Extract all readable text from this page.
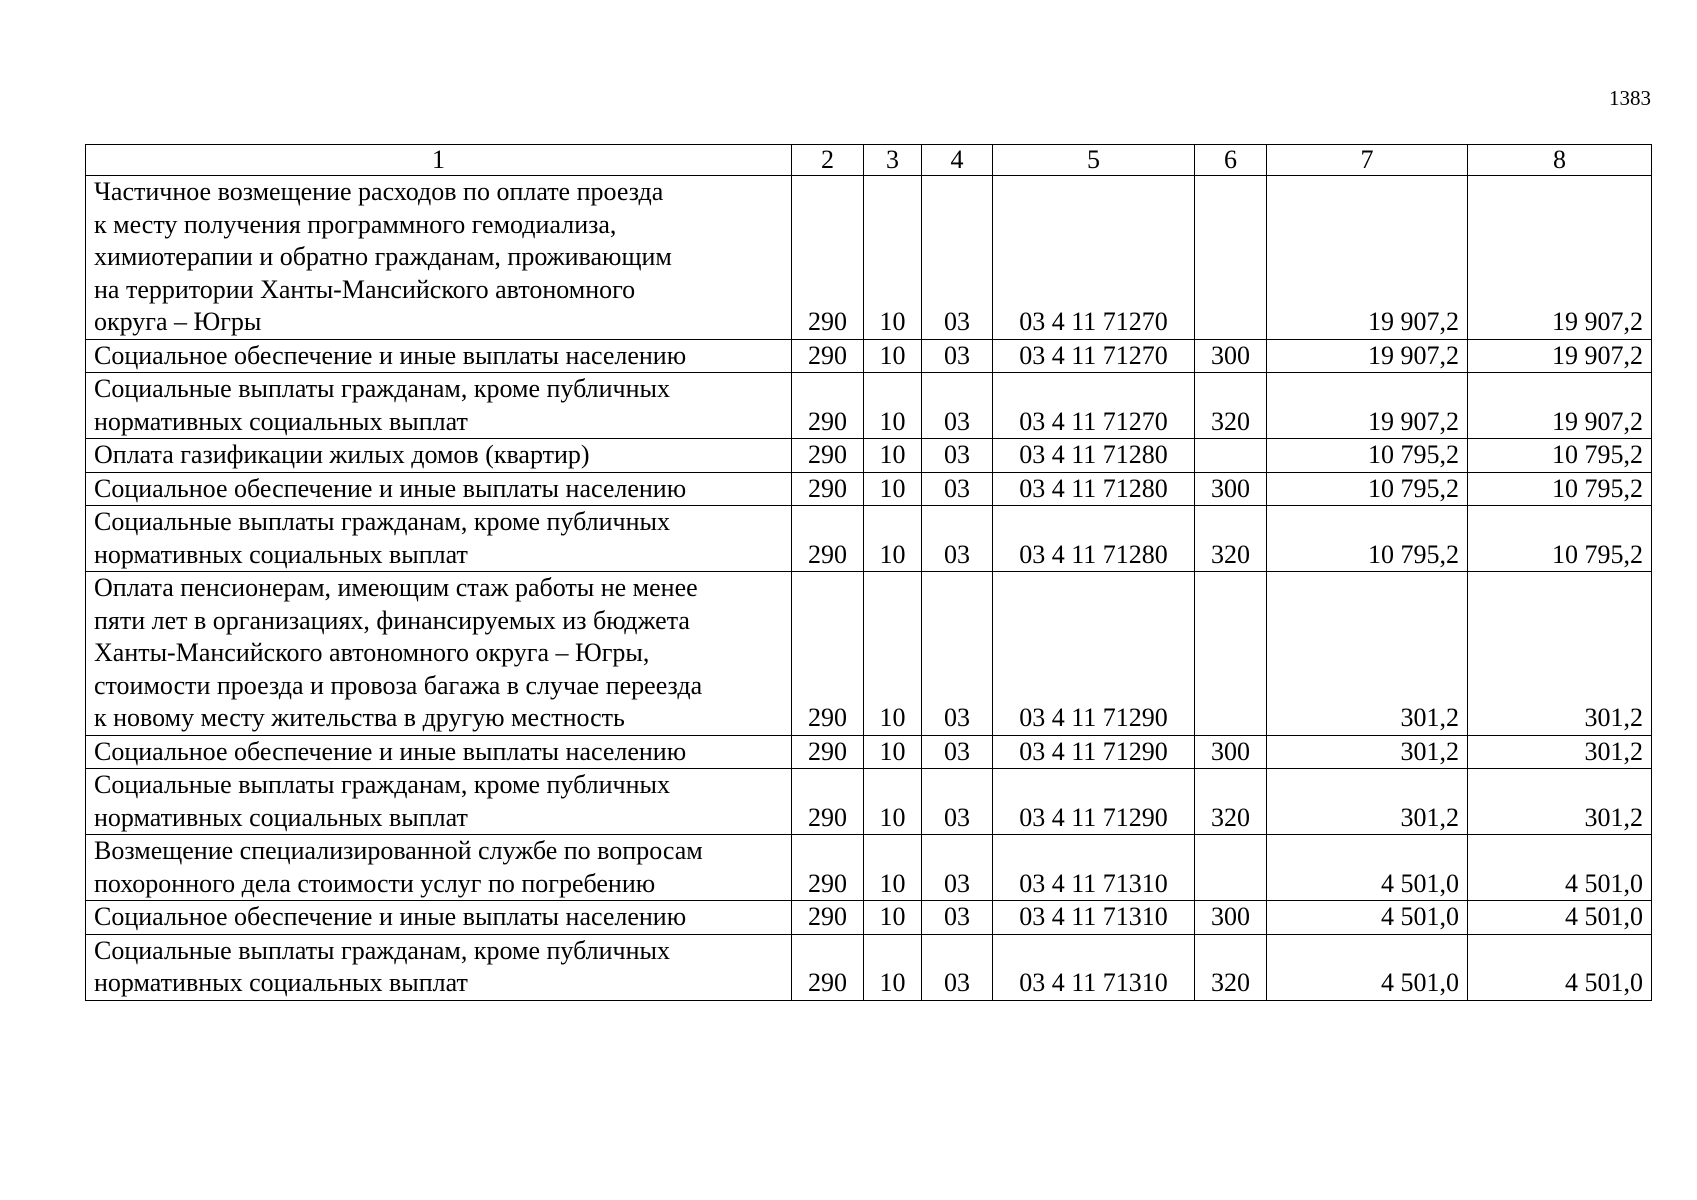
1383
1	2	3	4	5	6	7	8
Частичное возмещение расходов по оплате проезда
к месту получения программного гемодиализа,
химиотерапии и обратно гражданам, проживающим
на территории Ханты-Мансийского автономного
округа – Югры	290	10	03	03 4 11 71270		19 907,2	19 907,2
Социальное обеспечение и иные выплаты населению	290	10	03	03 4 11 71270	300	19 907,2	19 907,2
Социальные выплаты гражданам, кроме публичных
нормативных социальных выплат	290	10	03	03 4 11 71270	320	19 907,2	19 907,2
Оплата газификации жилых домов (квартир)	290	10	03	03 4 11 71280		10 795,2	10 795,2
Социальное обеспечение и иные выплаты населению	290	10	03	03 4 11 71280	300	10 795,2	10 795,2
Социальные выплаты гражданам, кроме публичных
нормативных социальных выплат	290	10	03	03 4 11 71280	320	10 795,2	10 795,2
Оплата пенсионерам, имеющим стаж работы не менее
пяти лет в организациях, финансируемых из бюджета
Ханты-Мансийского автономного округа – Югры,
стоимости проезда и провоза багажа в случае переезда
к новому месту жительства в другую местность	290	10	03	03 4 11 71290		301,2	301,2
Социальное обеспечение и иные выплаты населению	290	10	03	03 4 11 71290	300	301,2	301,2
Социальные выплаты гражданам, кроме публичных
нормативных социальных выплат	290	10	03	03 4 11 71290	320	301,2	301,2
Возмещение специализированной службе по вопросам
похоронного дела стоимости услуг по погребению	290	10	03	03 4 11 71310		4 501,0	4 501,0
Социальное обеспечение и иные выплаты населению	290	10	03	03 4 11 71310	300	4 501,0	4 501,0
Социальные выплаты гражданам, кроме публичных
нормативных социальных выплат	290	10	03	03 4 11 71310	320	4 501,0	4 501,0
